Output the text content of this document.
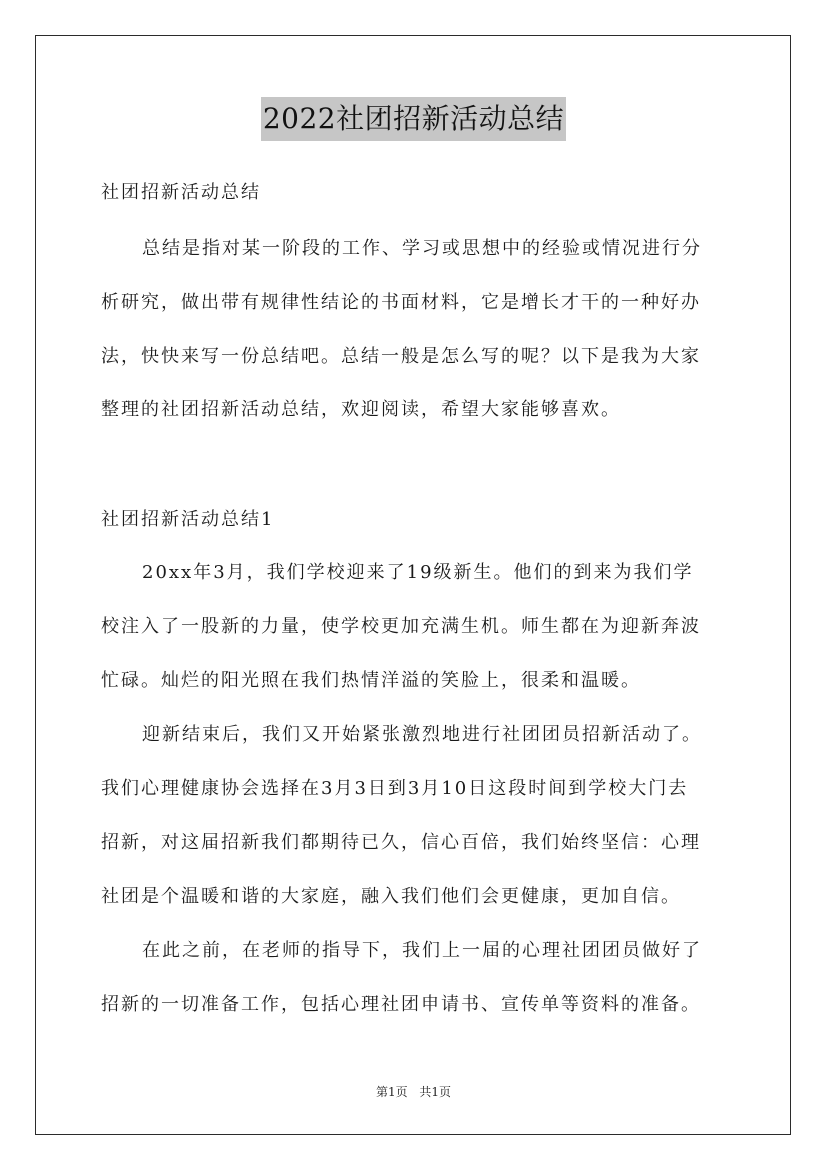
2022社团招新活动总结
社团招新活动总结
总结是指对某一阶段的工作、学习或思想中的经验或情况进行分
析研究，做出带有规律性结论的书面材料，它是增长才干的一种好办
法，快快来写一份总结吧。总结一般是怎么写的呢？以下是我为大家
整理的社团招新活动总结，欢迎阅读，希望大家能够喜欢。
社团招新活动总结1
20xx年3月，我们学校迎来了19级新生。他们的到来为我们学
校注入了一股新的力量，使学校更加充满生机。师生都在为迎新奔波
忙碌。灿烂的阳光照在我们热情洋溢的笑脸上，很柔和温暖。
迎新结束后，我们又开始紧张激烈地进行社团团员招新活动了。
我们心理健康协会选择在3月3日到3月10日这段时间到学校大门去
招新，对这届招新我们都期待已久，信心百倍，我们始终坚信：心理
社团是个温暖和谐的大家庭，融入我们他们会更健康，更加自信。
在此之前，在老师的指导下，我们上一届的心理社团团员做好了
招新的一切准备工作，包括心理社团申请书、宣传单等资料的准备。
第1页 共1页
